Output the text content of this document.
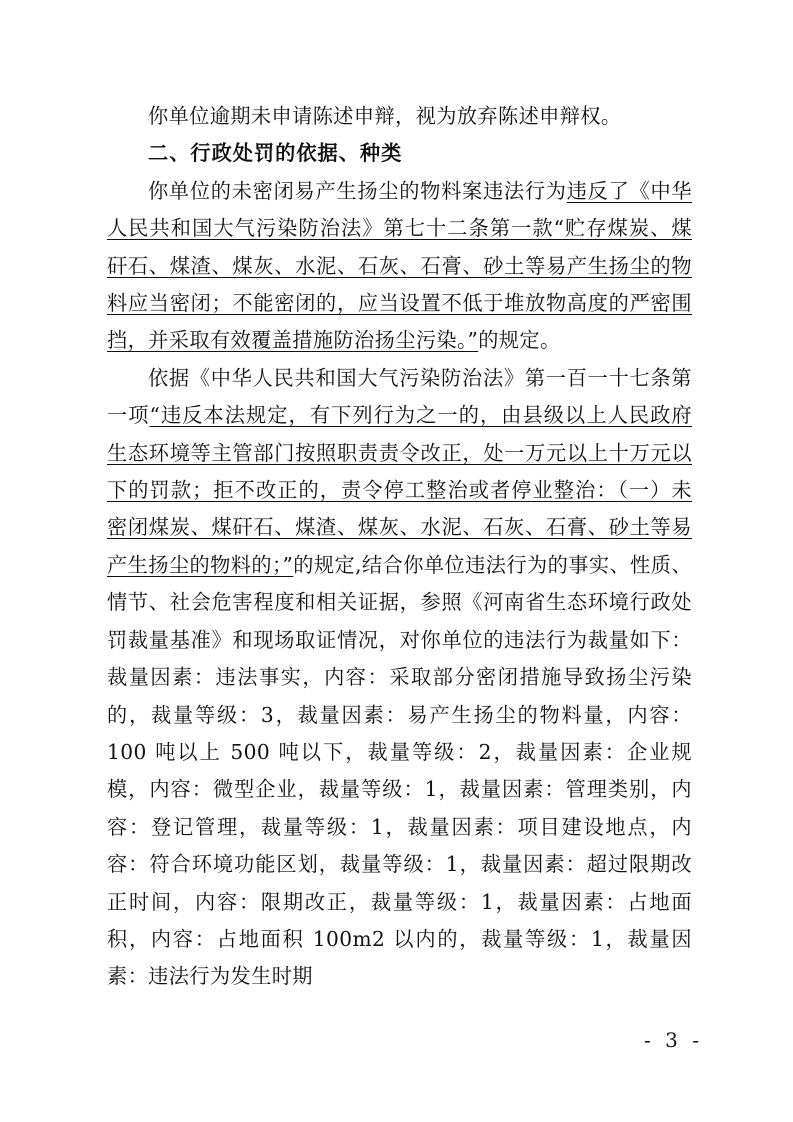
你单位逾期未申请陈述申辩，视为放弃陈述申辩权。

二、行政处罚的依据、种类

你单位的未密闭易产生扬尘的物料案违法行为违反了《中华人民共和国大气污染防治法》第七十二条第一款“贮存煤炭、煤矸石、煤渣、煤灰、水泥、石灰、石膏、砂土等易产生扬尘的物料应当密闭；不能密闭的，应当设置不低于堆放物高度的严密围挡，并采取有效覆盖措施防治扬尘污染。”的规定。

依据《中华人民共和国大气污染防治法》第一百一十七条第一项“违反本法规定，有下列行为之一的，由县级以上人民政府生态环境等主管部门按照职责责令改正，处一万元以上十万元以下的罚款；拒不改正的，责令停工整治或者停业整治：（一）未密闭煤炭、煤矸石、煤渣、煤灰、水泥、石灰、石膏、砂土等易产生扬尘的物料的；”的规定,结合你单位违法行为的事实、性质、情节、社会危害程度和相关证据，参照《河南省生态环境行政处罚裁量基准》和现场取证情况，对你单位的违法行为裁量如下：裁量因素：违法事实，内容：采取部分密闭措施导致扬尘污染的，裁量等级：3，裁量因素：易产生扬尘的物料量，内容：100 吨以上 500 吨以下，裁量等级：2，裁量因素：企业规模，内容：微型企业，裁量等级：1，裁量因素：管理类别，内容：登记管理，裁量等级：1，裁量因素：项目建设地点，内容：符合环境功能区划，裁量等级：1，裁量因素：超过限期改正时间，内容：限期改正，裁量等级：1，裁量因素：占地面积，内容：占地面积 100m2 以内的，裁量等级：1，裁量因素：违法行为发生时期

- 3 -
